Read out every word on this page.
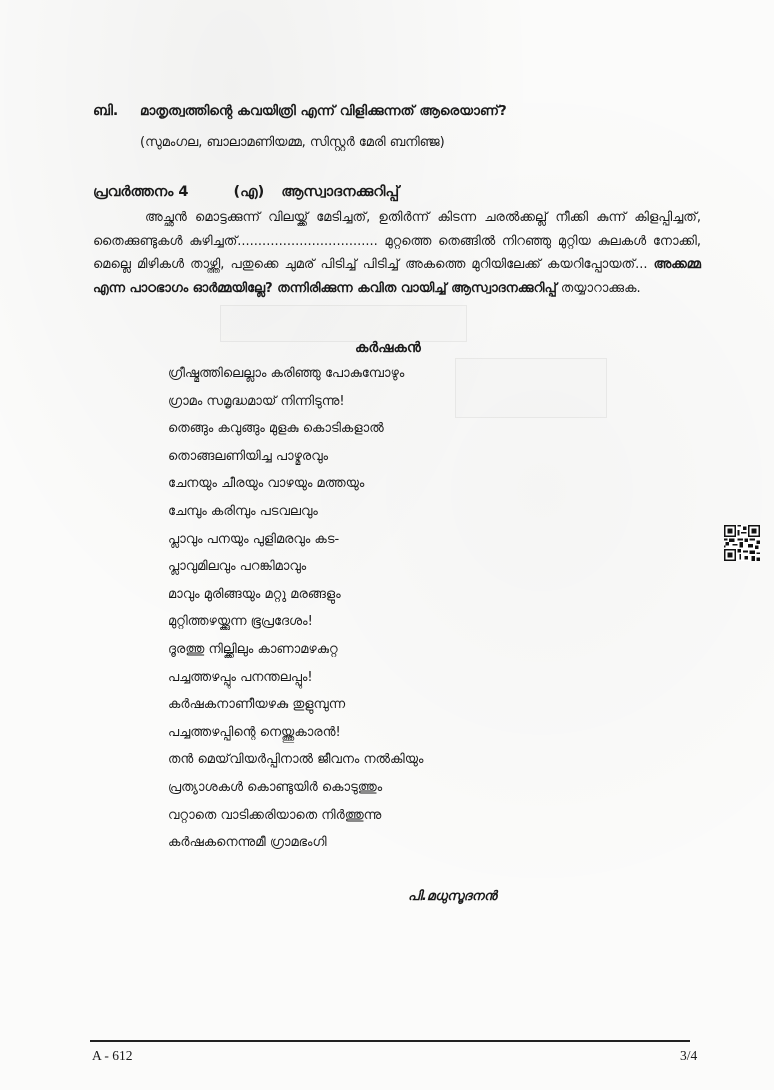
ബി. മാതൃത്വത്തിന്റെ കവയിത്രി എന്ന് വിളിക്കുന്നത് ആരെയാണ്?
(സുമംഗല, ബാലാമണിയമ്മ, സിസ്റ്റർ മേരി ബനിഞ്ജ)
പ്രവർത്തനം 4	(എ) ആസ്വാദനക്കുറിപ്പ്
അച്ഛൻ മൊട്ടക്കുന്ന് വിലയ്ക്ക് മേടിച്ചത്, ഉതിർന്ന് കിടന്ന ചരൽക്കല്ല് നീക്കി കുന്ന് കിളപ്പിച്ചത്, തൈക്കുണ്ടുകൾ കുഴിച്ചത്.................................. മുറ്റത്തെ തെങ്ങിൽ നിറഞ്ഞു മുറ്റിയ കുലകൾ നോക്കി, മെല്ലെ മിഴികൾ താഴ്ത്തി, പതുക്കെ ചുമര് പിടിച്ച് പിടിച്ച് അകത്തെ മുറിയിലേക്ക് കയറിപ്പോയത്... അക്കമ്മ എന്ന പാഠഭാഗം ഓർമ്മയില്ലേ? തന്നിരിക്കുന്ന കവിത വായിച്ച് ആസ്വാദനക്കുറിപ്പ് തയ്യാറാക്കുക.
കർഷകൻ
ഗ്രീഷ്മത്തിലെല്ലാം കരിഞ്ഞു പോകുമ്പോഴും
ഗ്രാമം സമൃദ്ധമായ് നിന്നിടുന്നു!
തെങ്ങും കവുങ്ങും മുളകു കൊടികളാൽ
തൊങ്ങലണിയിച്ച പാഴ്മരവും
ചേനയും ചീരയും വാഴയും മത്തയും
ചേമ്പും കരിമ്പും പടവലവും
പ്ലാവും പനയും പുളിമരവും കട-
പ്ലാവുമിലവും പറങ്കിമാവും
മാവും മുരിങ്ങയും മറ്റു മരങ്ങളും
മുറ്റിത്തഴയ്ക്കുന്ന ഭൂപ്രദേശം!
ദൂരത്തു നില്ക്കിലും കാണാമഴകുറ്റ
പച്ചത്തഴപ്പും പനന്തലപ്പും!
കർഷകനാണീയഴകു തുളുമ്പുന്ന
പച്ചത്തഴപ്പിന്റെ നെയ്ത്തുകാരൻ!
തൻ മെയ്‌വിയർപ്പിനാൽ ജീവനം നൽകിയും
പ്രത്യാശകൾ കൊണ്ടുയിർ കൊടുത്തും
വറ്റാതെ വാടിക്കരിയാതെ നിർത്തുന്നു
കർഷകനെന്നുമീ ഗ്രാമഭംഗി
പി.മധുസൂദനൻ
A - 612	3/4
